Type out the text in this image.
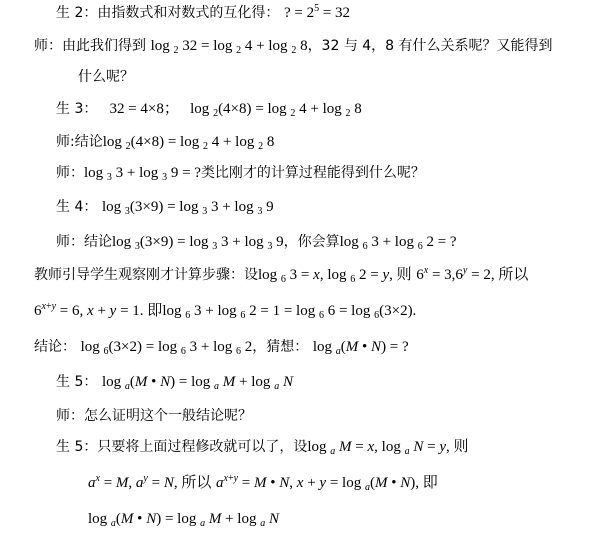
生 2：由指数式和对数式的互化得： ? = $2^5 = 32$
师：由此我们得到 log $_2$ 32 = log $_2$ 4 + log $_2$ 8，32 与 4，8 有什么关系呢？又能得到
什么呢？
生 3：   32 = 4×8；   log $_2$(4×8) = log $_2$ 4 + log $_2$ 8
师:结论log $_2$(4×8) = log $_2$ 4 + log $_2$ 8
师：log $_3$ 3 + log $_3$ 9 = ?类比刚才的计算过程能得到什么呢？
生 4： log $_3$(3×9) = log $_3$ 3 + log $_3$ 9
师：结论log $_3$(3×9) = log $_3$ 3 + log $_3$ 9，你会算log $_6$ 3 + log $_6$ 2 = ?
教师引导学生观察刚才计算步骤：设log $_6$ 3 = x, log $_6$ 2 = y, 则 $6^x = 3,6^y = 2$, 所以
$6^{x+y} = 6$, x + y = 1. 即log $_6$ 3 + log $_6$ 2 = 1 = log $_6$ 6 = log $_6$(3×2).
结论： log $_6$(3×2) = log $_6$ 3 + log $_6$ 2，猜想： log $_a$(M • N) = ?
生 5： log $_a$(M • N) = log $_a$ M + log $_a$ N
师：怎么证明这个一般结论呢？
生 5：只要将上面过程修改就可以了，设log $_a$ M = x, log $_a$ N = y, 则
$a^x = M$, $a^y = N$, 所以 $a^{x+y} = M$ • N, x + y = log $_a$(M • N), 即
log $_a$(M • N) = log $_a$ M + log $_a$ N
